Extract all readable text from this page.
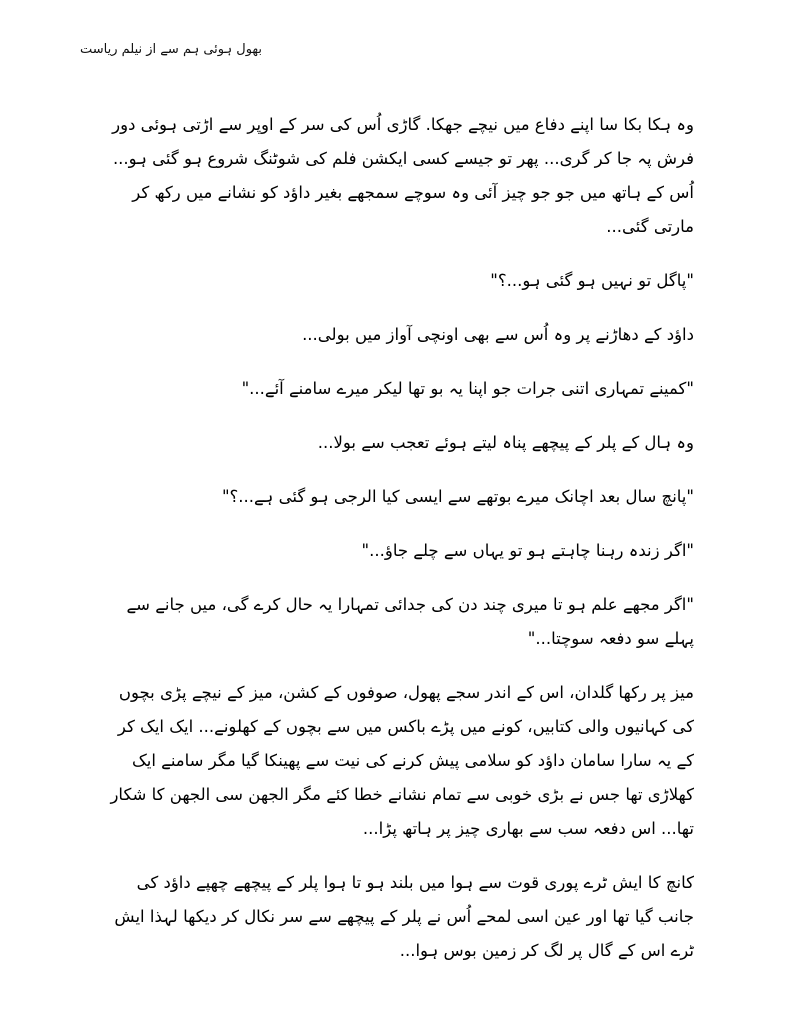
بھول ہوئی ہم سے از نیلم ریاست

وہ ہکا بکا سا اپنے دفاع میں نیچے جھکا. گاڑی اُس کی سر کے اوپر سے اڑتی ہوئی دور فرش پہ جا کر گری... پھر تو جیسے کسی ایکشن فلم کی شوٹنگ شروع ہو گئی ہو... اُس کے ہاتھ میں جو جو چیز آئی وہ سوچے سمجھے بغیر داؤد کو نشانے میں رکھ کر مارتی گئی...

"پاگل تو نہیں ہو گئی ہو...؟"

داؤد کے دھاڑنے پر وہ اُس سے بھی اونچی آواز میں بولی...

"کمینے تمہاری اتنی جرات جو اپنا یہ بو تھا لیکر میرے سامنے آئے..."

وہ ہال کے پلر کے پیچھے پناہ لیتے ہوئے تعجب سے بولا...

"پانچ سال بعد اچانک میرے بوتھے سے ایسی کیا الرجی ہو گئی ہے...؟"

"اگر زندہ رہنا چاہتے ہو تو یہاں سے چلے جاؤ..."

"اگر مجھے علم ہو تا میری چند دن کی جدائی تمہارا یہ حال کرے گی، میں جانے سے پہلے سو دفعہ سوچتا..."

میز پر رکھا گلدان، اس کے اندر سجے پھول، صوفوں کے کشن، میز کے نیچے پڑی بچوں کی کہانیوں والی کتابیں، کونے میں پڑے باکس میں سے بچوں کے کھلونے... ایک ایک کر کے یہ سارا سامان داؤد کو سلامی پیش کرنے کی نیت سے پھینکا گیا مگر سامنے ایک کھلاڑی تھا جس نے بڑی خوبی سے تمام نشانے خطا کئے مگر الجھن سی الجھن کا شکار تھا... اس دفعہ سب سے بھاری چیز پر ہاتھ پڑا...

کانچ کا ایش ٹرے پوری قوت سے ہوا میں بلند ہو تا ہوا پلر کے پیچھے چھپے داؤد کی جانب گیا تھا اور عین اسی لمحے اُس نے پلر کے پیچھے سے سر نکال کر دیکھا لہذا ایش ٹرے اس کے گال پر لگ کر زمین بوس ہوا...
